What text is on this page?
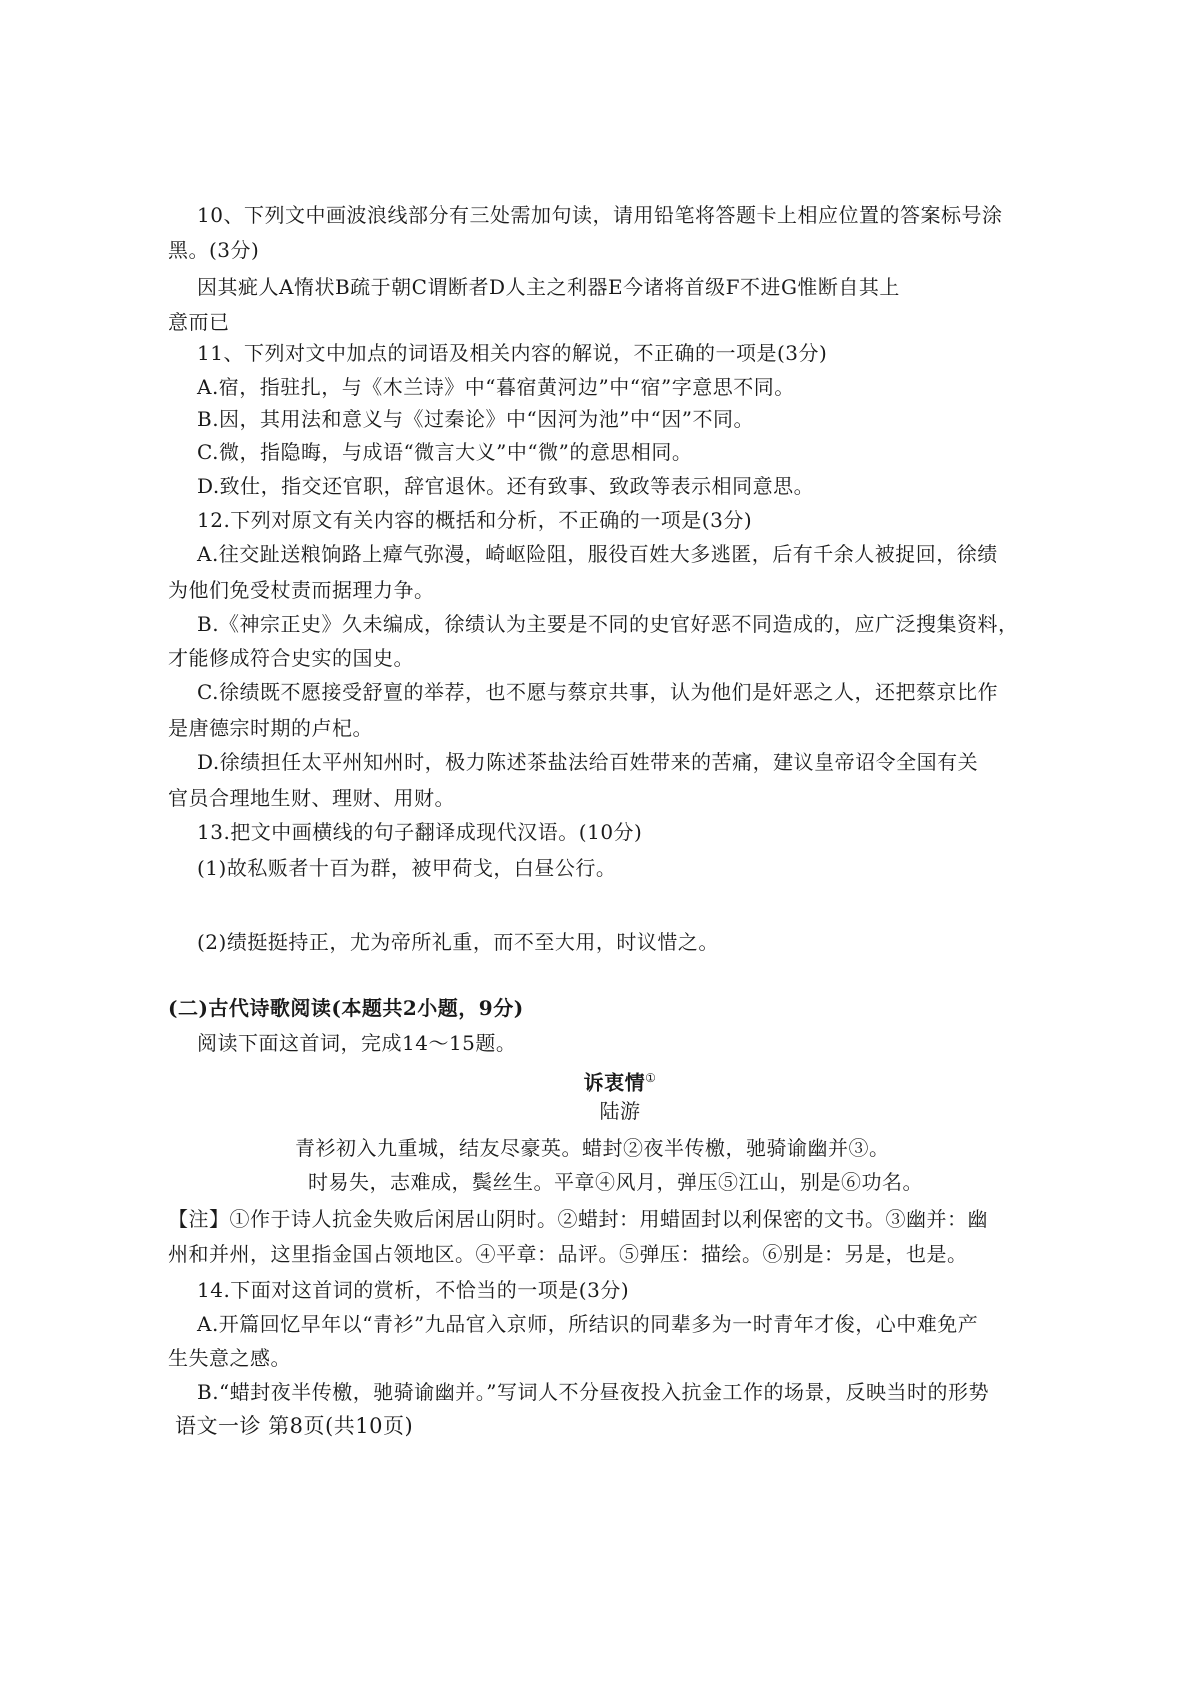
10、下列文中画波浪线部分有三处需加句读，请用铅笔将答题卡上相应位置的答案标号涂
黑。(3分)
因其疵人A惰状B疏于朝C谓断者D人主之利器E今诸将首级F不进G惟断自其上
意而已
11、下列对文中加点的词语及相关内容的解说，不正确的一项是(3分)
A.宿，指驻扎，与《木兰诗》中“暮宿黄河边”中“宿”字意思不同。
B.因，其用法和意义与《过秦论》中“因河为池”中“因”不同。
C.微，指隐晦，与成语“微言大义”中“微”的意思相同。
D.致仕，指交还官职，辞官退休。还有致事、致政等表示相同意思。
12.下列对原文有关内容的概括和分析，不正确的一项是(3分)
A.往交趾送粮饷路上瘴气弥漫，崎岖险阻，服役百姓大多逃匿，后有千余人被捉回，徐绩
为他们免受杖责而据理力争。
B.《神宗正史》久未编成，徐绩认为主要是不同的史官好恶不同造成的，应广泛搜集资料，
才能修成符合史实的国史。
C.徐绩既不愿接受舒亶的举荐，也不愿与蔡京共事，认为他们是奸恶之人，还把蔡京比作
是唐德宗时期的卢杞。
D.徐绩担任太平州知州时，极力陈述茶盐法给百姓带来的苦痛，建议皇帝诏令全国有关
官员合理地生财、理财、用财。
13.把文中画横线的句子翻译成现代汉语。(10分)
(1)故私贩者十百为群，被甲荷戈，白昼公行。
(2)绩挺挺持正，尤为帝所礼重，而不至大用，时议惜之。
(二)古代诗歌阅读(本题共2小题，9分)
阅读下面这首词，完成14～15题。
诉衷情①
陆游
青衫初入九重城，结友尽豪英。蜡封②夜半传檄，驰骑谕幽并③。
时易失，志难成，鬓丝生。平章④风月，弹压⑤江山，别是⑥功名。
【注】①作于诗人抗金失败后闲居山阴时。②蜡封：用蜡固封以利保密的文书。③幽并：幽
州和并州，这里指金国占领地区。④平章：品评。⑤弹压：描绘。⑥别是：另是，也是。
14.下面对这首词的赏析，不恰当的一项是(3分)
A.开篇回忆早年以“青衫”九品官入京师，所结识的同辈多为一时青年才俊，心中难免产
生失意之感。
B.“蜡封夜半传檄，驰骑谕幽并。”写词人不分昼夜投入抗金工作的场景，反映当时的形势
语文一诊 第8页(共10页)
